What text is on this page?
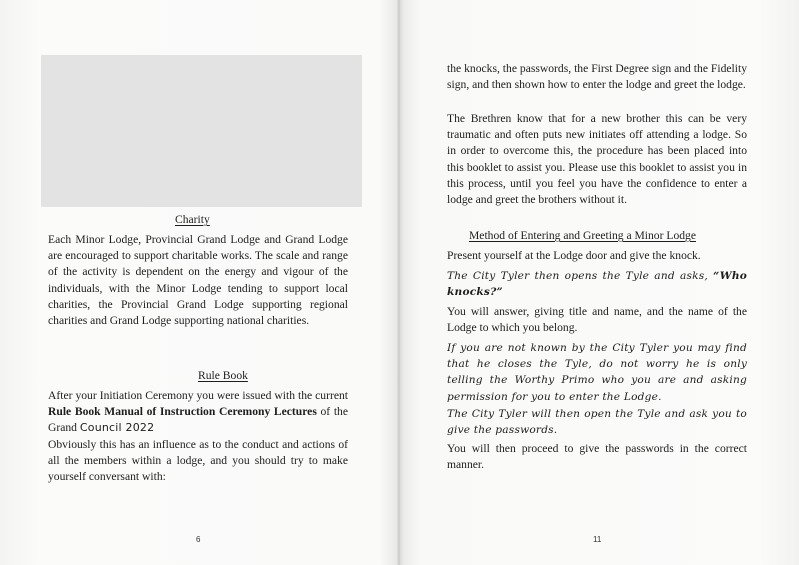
Charity

Each Minor Lodge, Provincial Grand Lodge and Grand Lodge are encouraged to support charitable works. The scale and range of the activity is dependent on the energy and vigour of the individuals, with the Minor Lodge tending to support local charities, the Provincial Grand Lodge supporting regional charities and Grand Lodge supporting national charities.

Rule Book

After your Initiation Ceremony you were issued with the current Rule Book Manual of Instruction Ceremony Lectures of the Grand Council 2022
Obviously this has an influence as to the conduct and actions of all the members within a lodge, and you should try to make yourself conversant with:

6

the knocks, the passwords, the First Degree sign and the Fidelity sign, and then shown how to enter the lodge and greet the lodge.

The Brethren know that for a new brother this can be very traumatic and often puts new initiates off attending a lodge. So in order to overcome this, the procedure has been placed into this booklet to assist you. Please use this booklet to assist you in this process, until you feel you have the confidence to enter a lodge and greet the brothers without it.

Method of Entering and Greeting a Minor Lodge

Present yourself at the Lodge door and give the knock.

The City Tyler then opens the Tyle and asks, “Who knocks?”

You will answer, giving title and name, and the name of the Lodge to which you belong.

If you are not known by the City Tyler you may find that he closes the Tyle, do not worry he is only telling the Worthy Primo who you are and asking permission for you to enter the Lodge.

The City Tyler will then open the Tyle and ask you to give the passwords.

You will then proceed to give the passwords in the correct manner.

11
